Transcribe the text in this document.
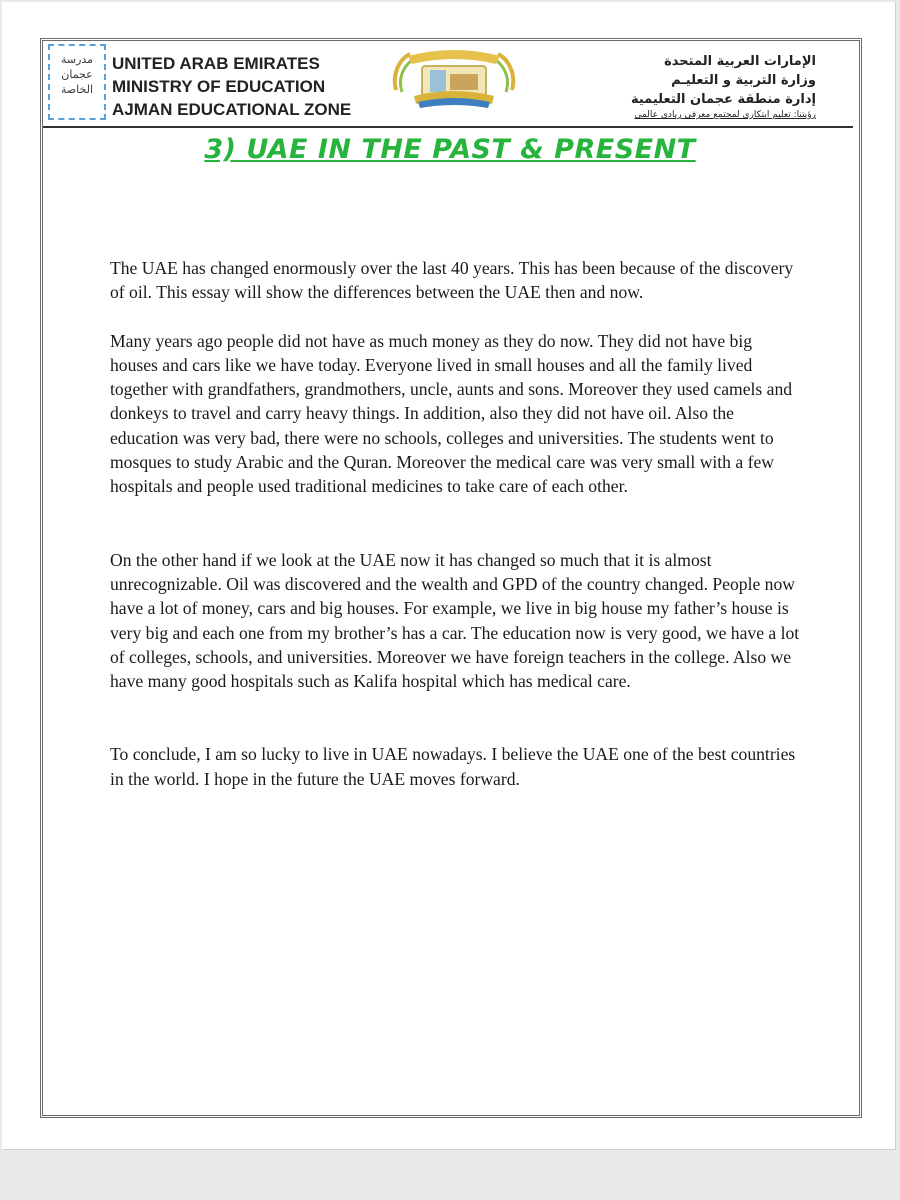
مدرسة
عجمان
الخاصة
UNITED ARAB EMIRATES
MINISTRY OF EDUCATION
AJMAN EDUCATIONAL ZONE
الإمارات العربية المتحدة
وزارة التربية و التعليـم
إدارة منطقة عجمان التعليمية
رؤيتنا: تعليم ابتكاري لمجتمع معرفي ريادي عالمي
3) UAE IN THE PAST & PRESENT

The UAE has changed enormously over the last 40 years. This has been because of the discovery of oil. This essay will show the differences between the UAE then and now.

Many years ago people did not have as much money as they do now. They did not have big houses and cars like we have today. Everyone lived in small houses and all the family lived together with grandfathers, grandmothers, uncle, aunts and sons. Moreover they used camels and donkeys to travel and carry heavy things. In addition, also they did not have oil. Also the education was very bad, there were no schools, colleges and universities. The students went to mosques to study Arabic and the Quran. Moreover the medical care was very small with a few hospitals and people used traditional medicines to take care of each other.

On the other hand if we look at the UAE now it has changed so much that it is almost unrecognizable. Oil was discovered and the wealth and GPD of the country changed. People now have a lot of money, cars and big houses. For example, we live in big house my father’s house is very big and each one from my brother’s has a car. The education now is very good, we have a lot of colleges, schools, and universities. Moreover we have foreign teachers in the college. Also we have many good hospitals such as Kalifa hospital which has medical care.

To conclude, I am so lucky to live in UAE nowadays. I believe the UAE one of the best countries in the world. I hope in the future the UAE moves forward.
